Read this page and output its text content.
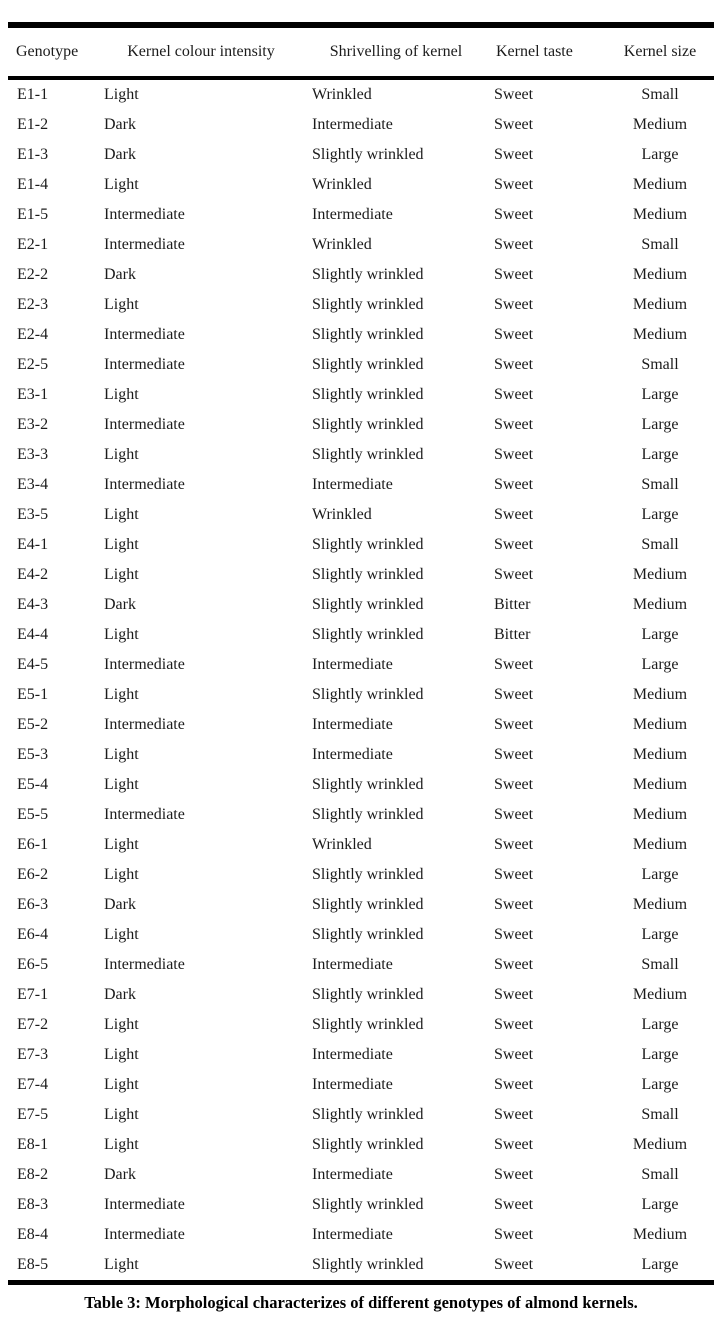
Genotype	Kernel colour intensity	Shrivelling of kernel	Kernel taste	Kernel size
E1-1	Light	Wrinkled	Sweet	Small
E1-2	Dark	Intermediate	Sweet	Medium
E1-3	Dark	Slightly wrinkled	Sweet	Large
E1-4	Light	Wrinkled	Sweet	Medium
E1-5	Intermediate	Intermediate	Sweet	Medium
E2-1	Intermediate	Wrinkled	Sweet	Small
E2-2	Dark	Slightly wrinkled	Sweet	Medium
E2-3	Light	Slightly wrinkled	Sweet	Medium
E2-4	Intermediate	Slightly wrinkled	Sweet	Medium
E2-5	Intermediate	Slightly wrinkled	Sweet	Small
E3-1	Light	Slightly wrinkled	Sweet	Large
E3-2	Intermediate	Slightly wrinkled	Sweet	Large
E3-3	Light	Slightly wrinkled	Sweet	Large
E3-4	Intermediate	Intermediate	Sweet	Small
E3-5	Light	Wrinkled	Sweet	Large
E4-1	Light	Slightly wrinkled	Sweet	Small
E4-2	Light	Slightly wrinkled	Sweet	Medium
E4-3	Dark	Slightly wrinkled	Bitter	Medium
E4-4	Light	Slightly wrinkled	Bitter	Large
E4-5	Intermediate	Intermediate	Sweet	Large
E5-1	Light	Slightly wrinkled	Sweet	Medium
E5-2	Intermediate	Intermediate	Sweet	Medium
E5-3	Light	Intermediate	Sweet	Medium
E5-4	Light	Slightly wrinkled	Sweet	Medium
E5-5	Intermediate	Slightly wrinkled	Sweet	Medium
E6-1	Light	Wrinkled	Sweet	Medium
E6-2	Light	Slightly wrinkled	Sweet	Large
E6-3	Dark	Slightly wrinkled	Sweet	Medium
E6-4	Light	Slightly wrinkled	Sweet	Large
E6-5	Intermediate	Intermediate	Sweet	Small
E7-1	Dark	Slightly wrinkled	Sweet	Medium
E7-2	Light	Slightly wrinkled	Sweet	Large
E7-3	Light	Intermediate	Sweet	Large
E7-4	Light	Intermediate	Sweet	Large
E7-5	Light	Slightly wrinkled	Sweet	Small
E8-1	Light	Slightly wrinkled	Sweet	Medium
E8-2	Dark	Intermediate	Sweet	Small
E8-3	Intermediate	Slightly wrinkled	Sweet	Large
E8-4	Intermediate	Intermediate	Sweet	Medium
E8-5	Light	Slightly wrinkled	Sweet	Large
Table 3: Morphological characterizes of different genotypes of almond kernels.
